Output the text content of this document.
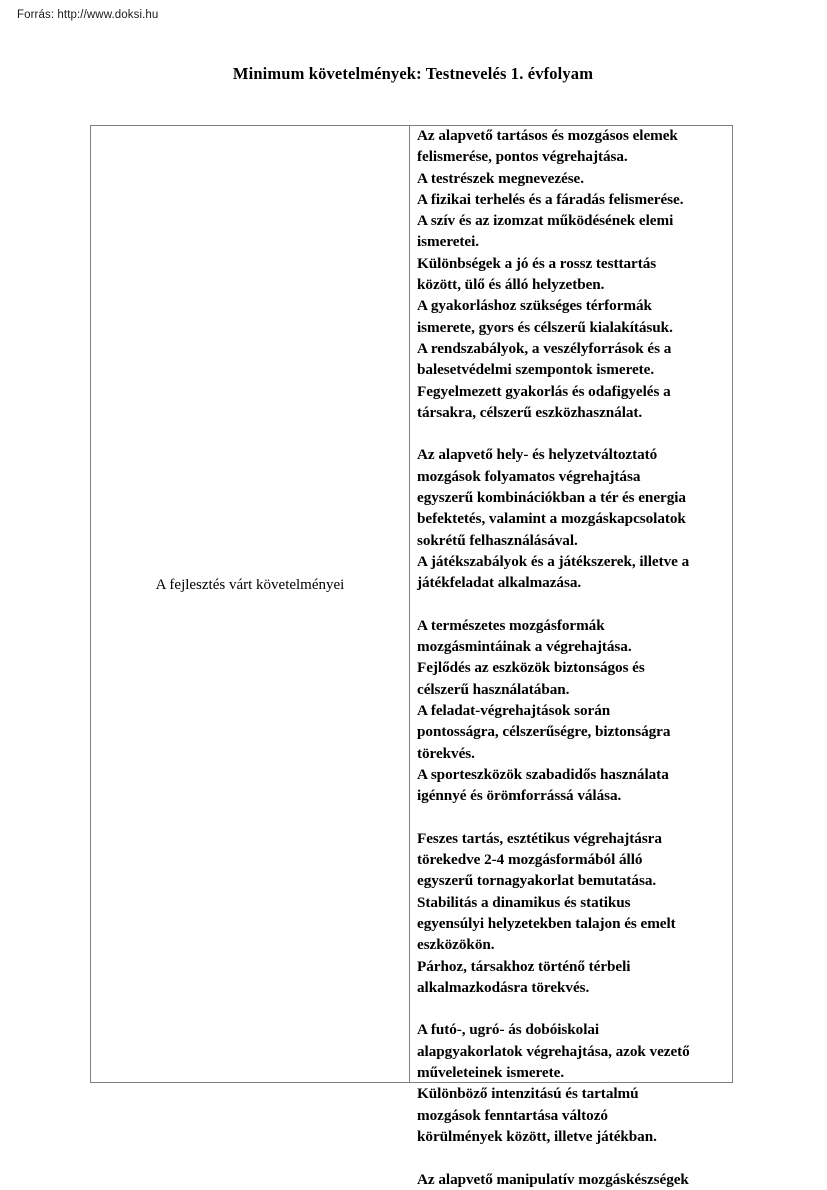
Forrás: http://www.doksi.hu
Minimum követelmények: Testnevelés 1. évfolyam
A fejlesztés várt követelményei
Az alapvető tartásos és mozgásos elemek
felismerése, pontos végrehajtása.
A testrészek megnevezése.
A fizikai terhelés és a fáradás felismerése.
A szív és az izomzat működésének elemi
ismeretei.
Különbségek a jó és a rossz testtartás
között, ülő és álló helyzetben.
A gyakorláshoz szükséges térformák
ismerete, gyors és célszerű kialakításuk.
A rendszabályok, a veszélyforrások és a
balesetvédelmi szempontok ismerete.
Fegyelmezett gyakorlás és odafigyelés a
társakra, célszerű eszközhasználat.
Az alapvető hely- és helyzetváltoztató
mozgások folyamatos végrehajtása
egyszerű kombinációkban a tér és energia
befektetés, valamint a mozgáskapcsolatok
sokrétű felhasználásával.
A játékszabályok és a játékszerek, illetve a
játékfeladat alkalmazása.
A természetes mozgásformák
mozgásmintáinak a végrehajtása.
Fejlődés az eszközök biztonságos és
célszerű használatában.
A feladat-végrehajtások során
pontosságra, célszerűségre, biztonságra
törekvés.
A sporteszközök szabadidős használata
igénnyé és örömforrássá válása.
Feszes tartás, esztétikus végrehajtásra
törekedve 2-4 mozgásformából álló
egyszerű tornagyakorlat bemutatása.
Stabilitás a dinamikus és statikus
egyensúlyi helyzetekben talajon és emelt
eszközökön.
Párhoz, társakhoz történő térbeli
alkalmazkodásra törekvés.
A futó-, ugró- ás dobóiskolai
alapgyakorlatok végrehajtása, azok vezető
műveleteinek ismerete.
Különböző intenzitású és tartalmú
mozgások fenntartása változó
körülmények között, illetve játékban.
Az alapvető manipulatív mozgáskészségek
